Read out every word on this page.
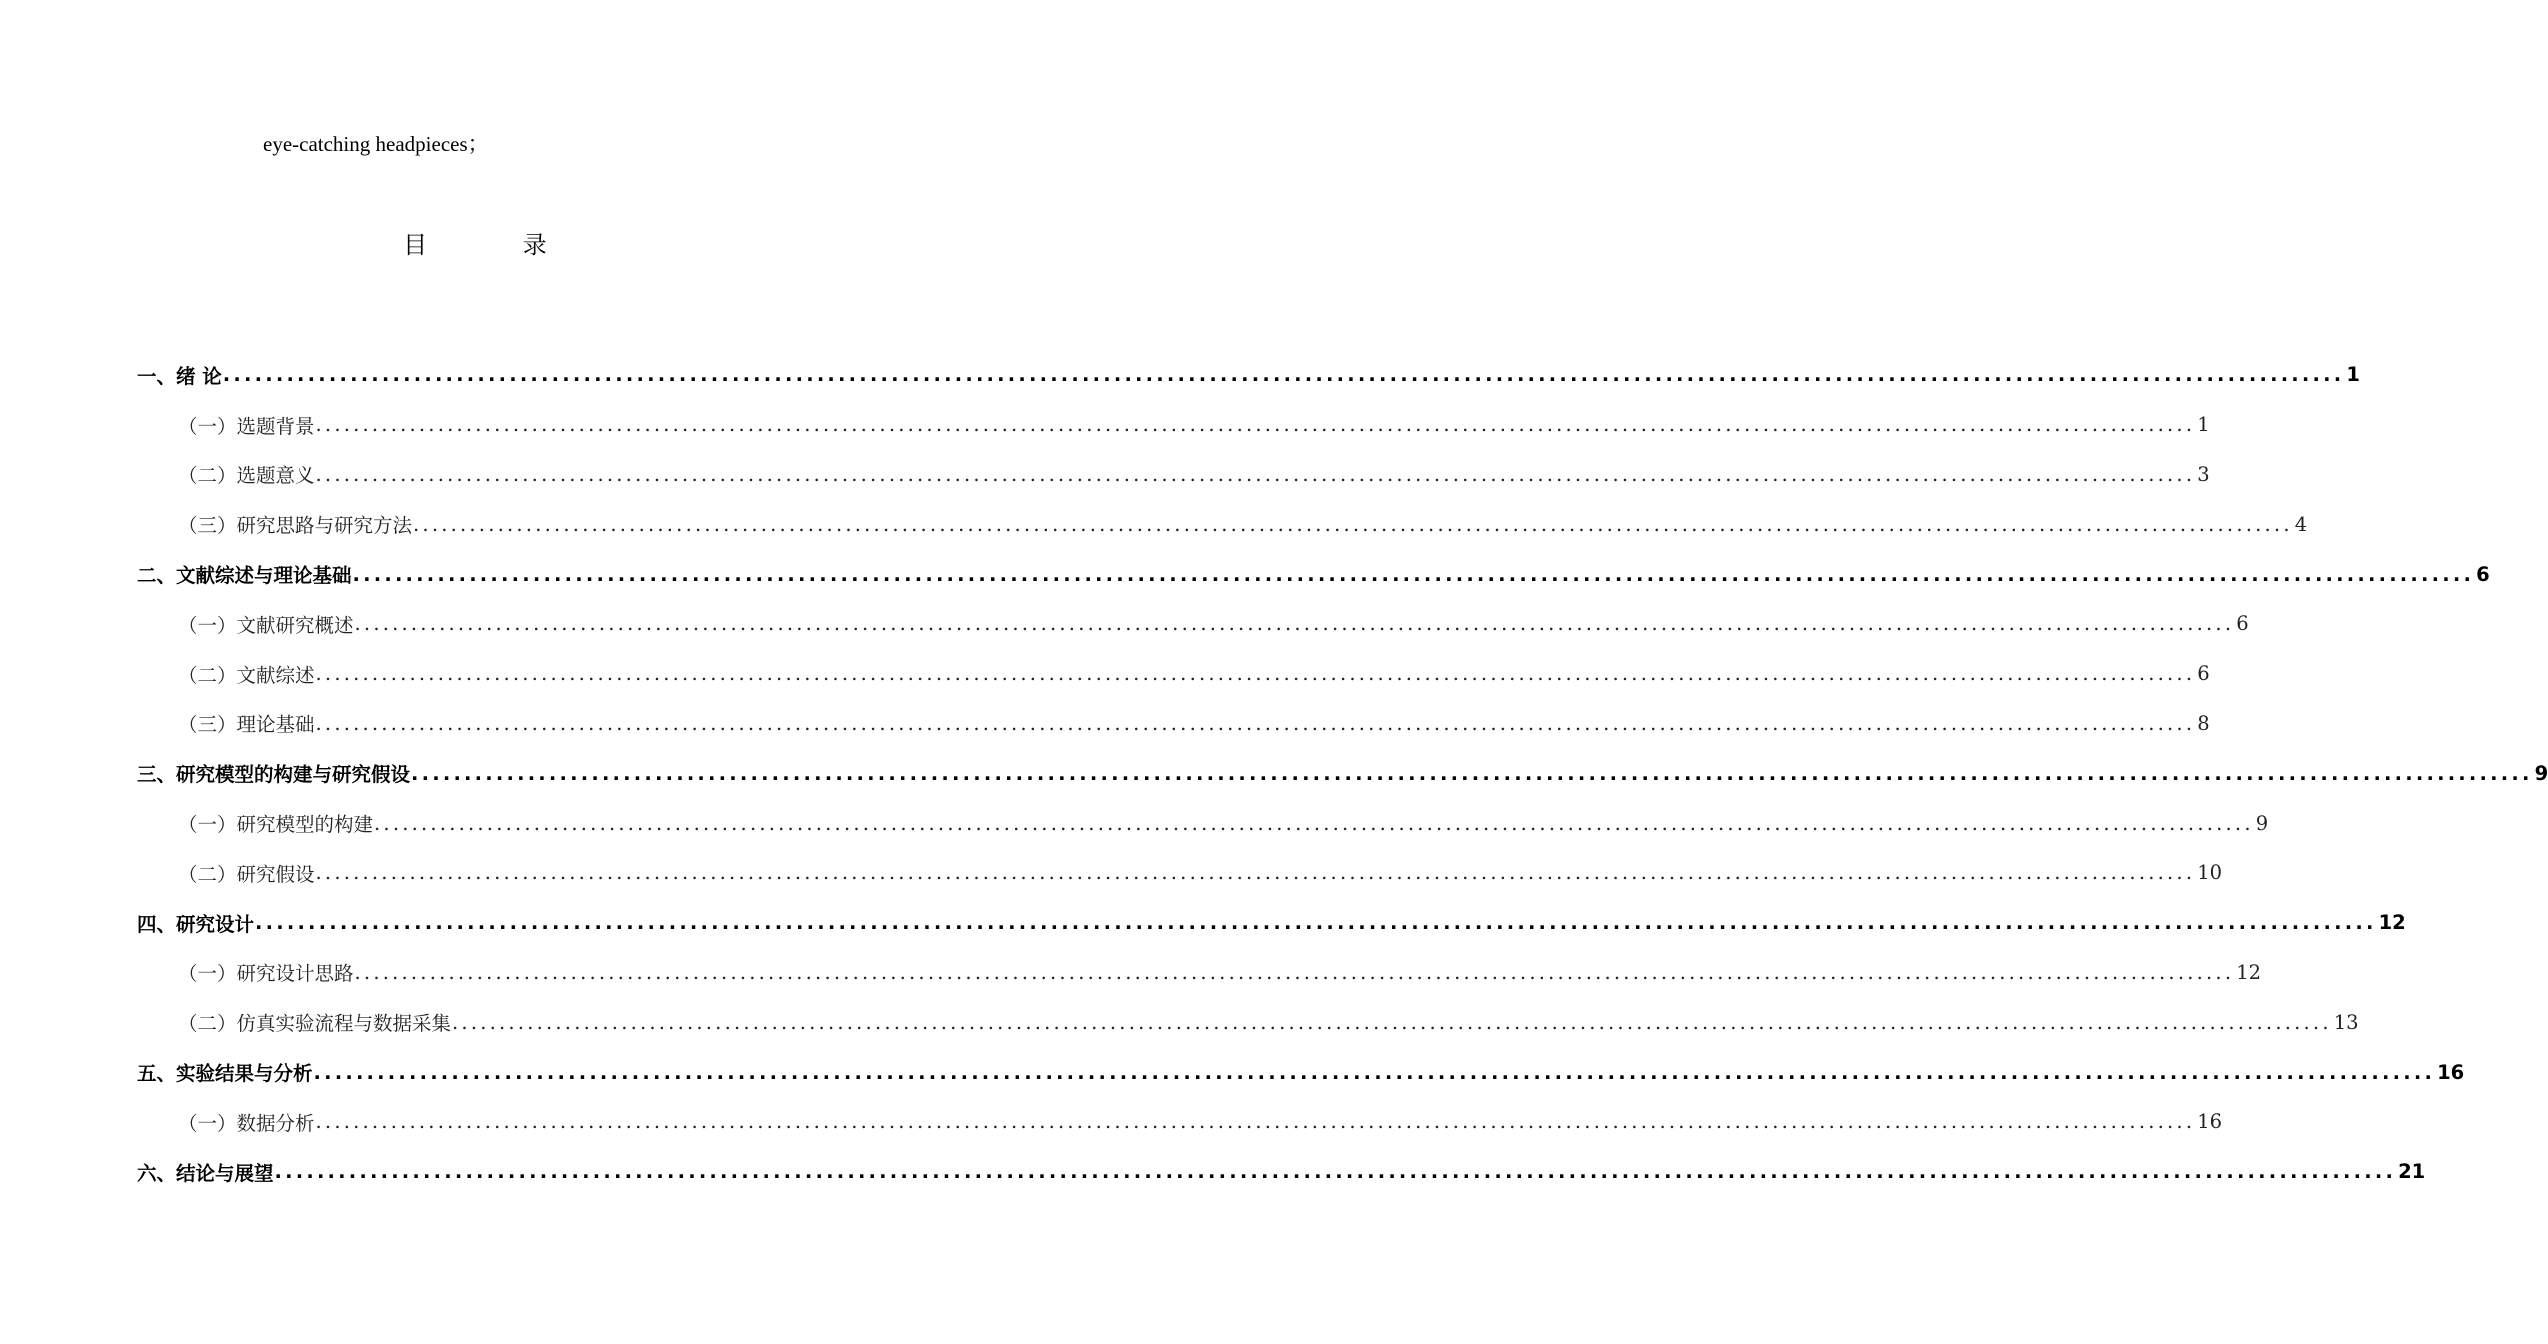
eye-catching headpieces；
目 录
一、绪 论 ........................................................................................................................................................................................................ 1
（一）选题背景 ........................................................................................................................................................................................................ 1
（二）选题意义 ........................................................................................................................................................................................................ 3
（三）研究思路与研究方法 ........................................................................................................................................................................................................ 4
二、文献综述与理论基础 ........................................................................................................................................................................................................ 6
（一）文献研究概述 ........................................................................................................................................................................................................ 6
（二）文献综述 ........................................................................................................................................................................................................ 6
（三）理论基础 ........................................................................................................................................................................................................ 8
三、研究模型的构建与研究假设 ........................................................................................................................................................................................................ 9
（一）研究模型的构建 ........................................................................................................................................................................................................ 9
（二）研究假设 ........................................................................................................................................................................................................ 10
四、研究设计 ........................................................................................................................................................................................................ 12
（一）研究设计思路 ........................................................................................................................................................................................................ 12
（二）仿真实验流程与数据采集 ........................................................................................................................................................................................................ 13
五、实验结果与分析 ........................................................................................................................................................................................................ 16
（一）数据分析 ........................................................................................................................................................................................................ 16
六、结论与展望 ........................................................................................................................................................................................................ 21
